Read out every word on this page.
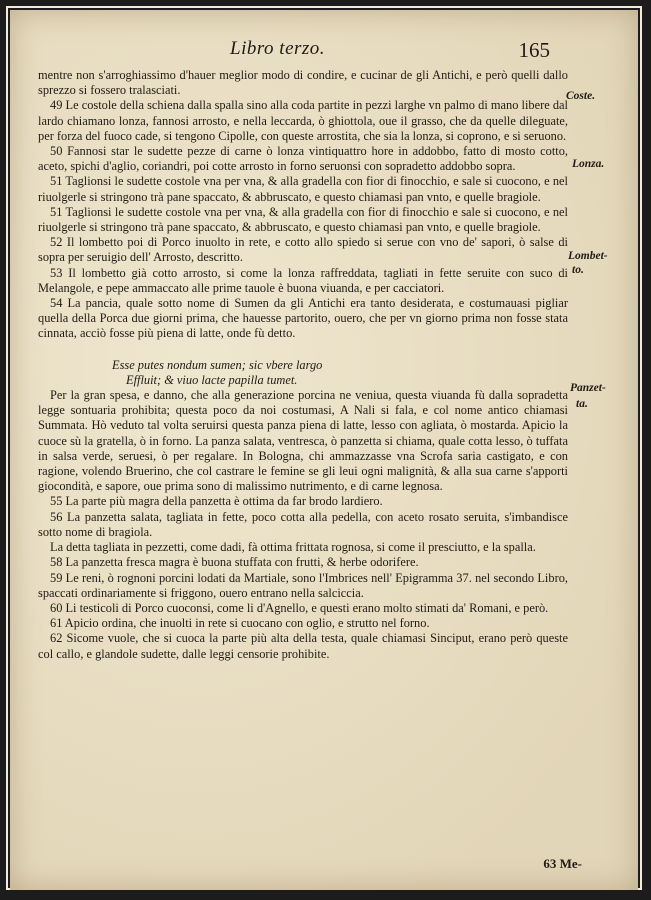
Libro terzo.	165

mentre non s'arroghiassimo d'hauer meglior modo di condire, e cucinar de gli Antichi, e però quelli dallo sprezzo si fossero tralasciati.

49 Le costole della schiena dalla spalla sino alla coda partite in pezzi larghe vn palmo di mano libere dal lardo chiamano lonza, fannosi arrosto, e nella leccarda, ò ghiottola, oue il grasso, che da quelle dileguate, per forza del fuoco cade, si tengono Cipolle, con queste arrostita, che sia la lonza, si coprono, e si seruono.

50 Fannosi star le sudette pezze di carne ò lonza vintiquattro hore in addobbo, fatto di mosto cotto, aceto, spichi d'aglio, coriandri, poi cotte arrosto in forno seruonsi con sopradetto addobbo sopra.

51 Taglionsi le sudette costole vna per vna, & alla gradella con fior di finocchio, e sale si cuocono, e nel riuolgerle si stringono trà pane spaccato, & abbruscato, e questo chiamasi pan vnto, e quelle bragiole.

51 Taglionsi le sudette costole vna per vna, & alla gradella con fior di finocchio e sale si cuocono, e nel riuolgerle si stringono trà pane spaccato, & abbruscato, e questo chiamasi pan vnto, e quelle bragiole.

52 Il lombetto poi di Porco inuolto in rete, e cotto allo spiedo si serue con vno de' sapori, ò salse di sopra per seruigio dell' Arrosto, descritto.

53 Il lombetto già cotto arrosto, si come la lonza raffreddata, tagliati in fette seruite con suco di Melangole, e pepe ammaccato alle prime tauole è buona viuanda, e per cacciatori.

54 La pancia, quale sotto nome di Sumen da gli Antichi era tanto desiderata, e costumauasi pigliar quella della Porca due giorni prima, che hauesse partorito, ouero, che per vn giorno prima non fosse stata cinnata, acciò fosse più piena di latte, onde fù detto.

Esse putes nondum sumen; sic vbere largo

Effluit; & viuo lacte papilla tumet.

Per la gran spesa, e danno, che alla generazione porcina ne veniua, questa viuanda fù dalla sopradetta legge sontuaria prohibita; questa poco da noi costumasi, A Nali si fala, e col nome antico chiamasi Summata. Hò veduto tal volta seruirsi questa panza piena di latte, lesso con agliata, ò mostarda. Apicio la cuoce sù la gratella, ò in forno. La panza salata, ventresca, ò panzetta si chiama, quale cotta lesso, ò tuffata in salsa verde, seruesi, ò per regalare. In Bologna, chi ammazzasse vna Scrofa saria castigato, e con ragione, volendo Bruerino, che col castrare le femine se gli leui ogni malignità, & alla sua carne s'apporti giocondità, e sapore, oue prima sono di malissimo nutrimento, e di carne legnosa.

55 La parte più magra della panzetta è ottima da far brodo lardiero.

56 La panzetta salata, tagliata in fette, poco cotta alla pedella, con aceto rosato seruita, s'imbandisce sotto nome di bragiola.

La detta tagliata in pezzetti, come dadi, fà ottima frittata rognosa, si come il presciutto, e la spalla.

58 La panzetta fresca magra è buona stuffata con frutti, & herbe odorifere.

59 Le reni, ò rognoni porcini lodati da Martiale, sono l'Imbrices nell' Epigramma 37. nel secondo Libro, spaccati ordinariamente si friggono, ouero entrano nella salciccia.

60 Li testicoli di Porco cuoconsi, come li d'Agnello, e questi erano molto stimati da' Romani, e però.

61 Apicio ordina, che inuolti in rete si cuocano con oglio, e strutto nel forno.

62 Sicome vuole, che si cuoca la parte più alta della testa, quale chiamasi Sinciput, erano però queste col callo, e glandole sudette, dalle leggi censorie prohibite.

Coste.
Lonza.
Lombet-
to.
Panzet-
ta.
63 Me-
